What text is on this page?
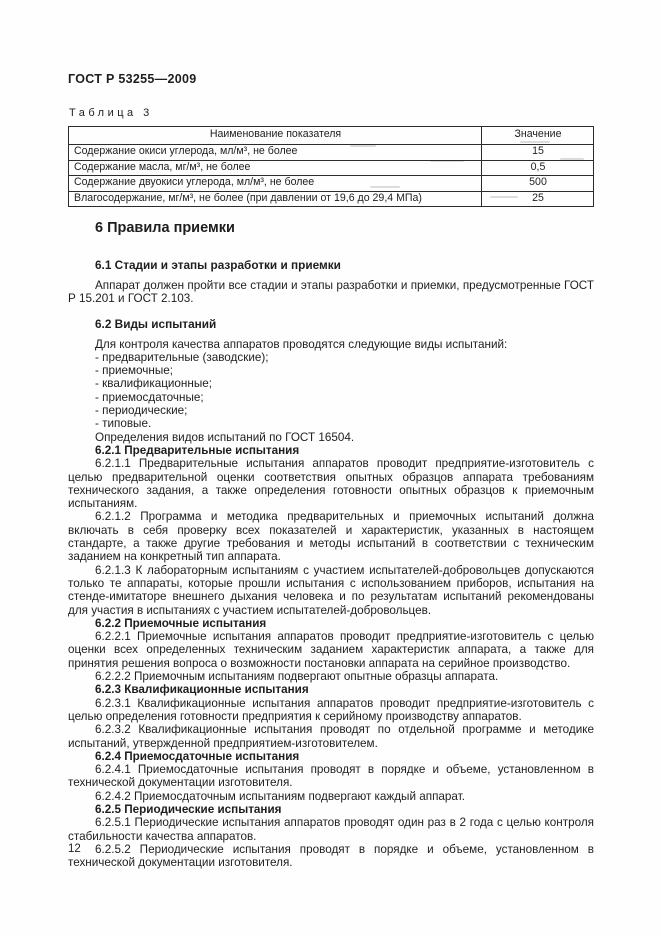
ГОСТ Р 53255—2009
Таблица 3
Наименование показателя	Значение
Содержание окиси углерода, мл/м³, не более	15
Содержание масла, мг/м³, не более	0,5
Содержание двуокиси углерода, мл/м³, не более	500
Влагосодержание, мг/м³, не более (при давлении от 19,6 до 29,4 МПа)	25
6 Правила приемки
6.1 Стадии и этапы разработки и приемки

Аппарат должен пройти все стадии и этапы разработки и приемки, предусмотренные ГОСТ Р 15.201 и ГОСТ 2.103.

6.2 Виды испытаний

Для контроля качества аппаратов проводятся следующие виды испытаний:

- предварительные (заводские);

- приемочные;

- квалификационные;

- приемосдаточные;

- периодические;

- типовые.

Определения видов испытаний по ГОСТ 16504.

6.2.1 Предварительные испытания

6.2.1.1 Предварительные испытания аппаратов проводит предприятие-изготовитель с целью предварительной оценки соответствия опытных образцов аппарата требованиям технического задания, а также определения готовности опытных образцов к приемочным испытаниям.

6.2.1.2 Программа и методика предварительных и приемочных испытаний должна включать в себя проверку всех показателей и характеристик, указанных в настоящем стандарте, а также другие требования и методы испытаний в соответствии с техническим заданием на конкретный тип аппарата.

6.2.1.3 К лабораторным испытаниям с участием испытателей-добровольцев допускаются только те аппараты, которые прошли испытания с использованием приборов, испытания на стенде-имитаторе внешнего дыхания человека и по результатам испытаний рекомендованы для участия в испытаниях с участием испытателей-добровольцев.

6.2.2 Приемочные испытания

6.2.2.1 Приемочные испытания аппаратов проводит предприятие-изготовитель с целью оценки всех определенных техническим заданием характеристик аппарата, а также для принятия решения вопроса о возможности постановки аппарата на серийное производство.

6.2.2.2 Приемочным испытаниям подвергают опытные образцы аппарата.

6.2.3 Квалификационные испытания

6.2.3.1 Квалификационные испытания аппаратов проводит предприятие-изготовитель с целью определения готовности предприятия к серийному производству аппаратов.

6.2.3.2 Квалификационные испытания проводят по отдельной программе и методике испытаний, утвержденной предприятием-изготовителем.

6.2.4 Приемосдаточные испытания

6.2.4.1 Приемосдаточные испытания проводят в порядке и объеме, установленном в технической документации изготовителя.

6.2.4.2 Приемосдаточным испытаниям подвергают каждый аппарат.

6.2.5 Периодические испытания

6.2.5.1 Периодические испытания аппаратов проводят один раз в 2 года с целью контроля стабильности качества аппаратов.

6.2.5.2 Периодические испытания проводят в порядке и объеме, установленном в технической документации изготовителя.

12
